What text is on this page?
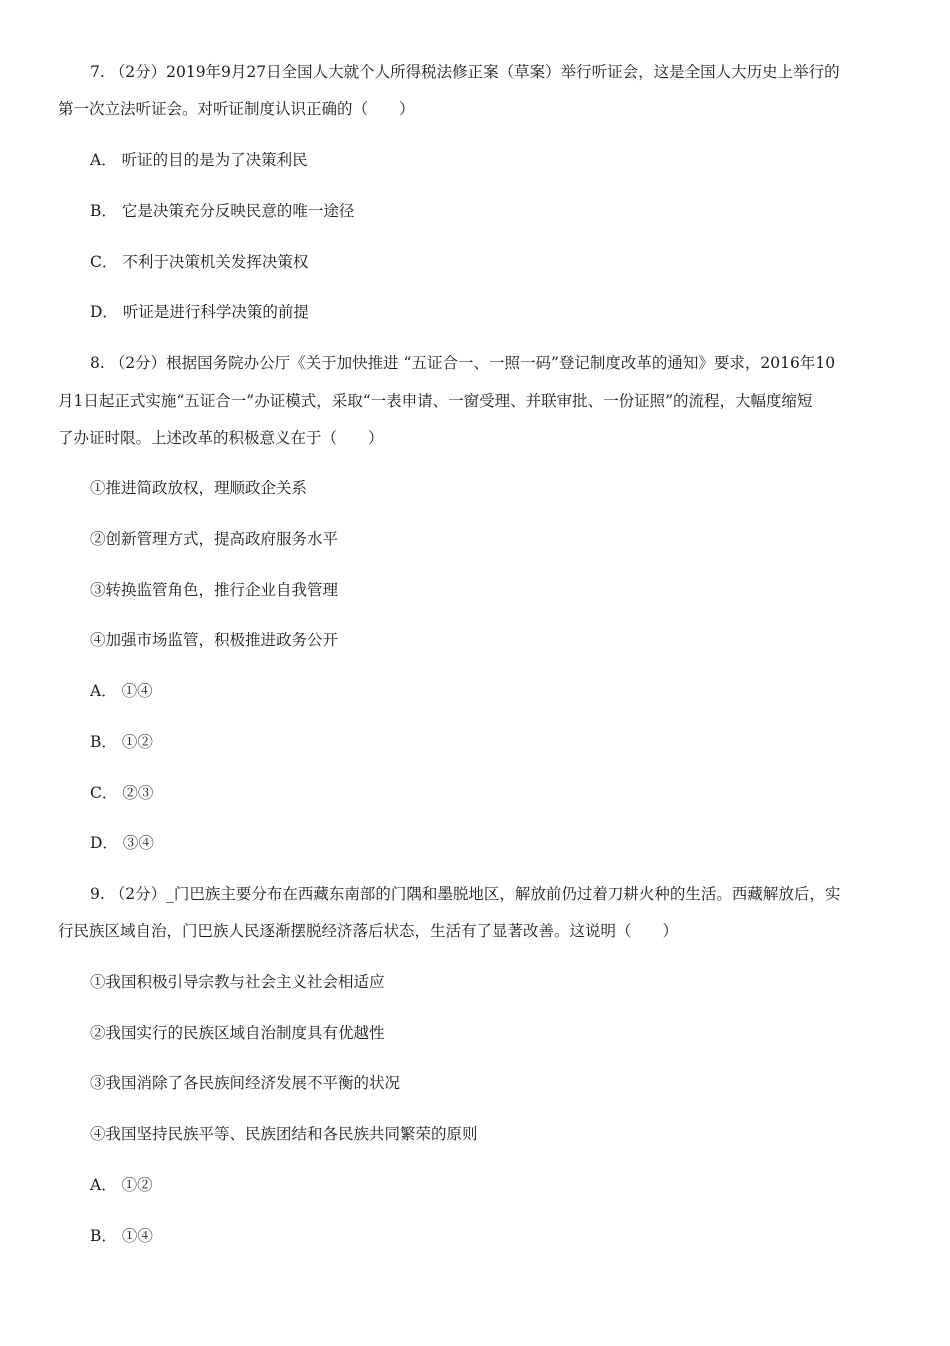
7. （2分）2019年9月27日全国人大就个人所得税法修正案（草案）举行听证会，这是全国人大历史上举行的
第一次立法听证会。对听证制度认识正确的（　　）
A． 听证的目的是为了决策利民
B． 它是决策充分反映民意的唯一途径
C． 不利于决策机关发挥决策权
D． 听证是进行科学决策的前提
8. （2分）根据国务院办公厅《关于加快推进 “五证合一、一照一码”登记制度改革的通知》要求，2016年10
月1日起正式实施“五证合一”办证模式，采取“一表申请、一窗受理、并联审批、一份证照”的流程，大幅度缩短
了办证时限。上述改革的积极意义在于（　　）
①推进简政放权，理顺政企关系
②创新管理方式，提高政府服务水平
③转换监管角色，推行企业自我管理
④加强市场监管，积极推进政务公开
A． ①④
B． ①②
C． ②③
D． ③④
9. （2分）_门巴族主要分布在西藏东南部的门隅和墨脱地区，解放前仍过着刀耕火种的生活。西藏解放后，实
行民族区域自治，门巴族人民逐渐摆脱经济落后状态，生活有了显著改善。这说明（　　）
①我国积极引导宗教与社会主义社会相适应
②我国实行的民族区域自治制度具有优越性
③我国消除了各民族间经济发展不平衡的状况
④我国坚持民族平等、民族团结和各民族共同繁荣的原则
A． ①②
B． ①④
